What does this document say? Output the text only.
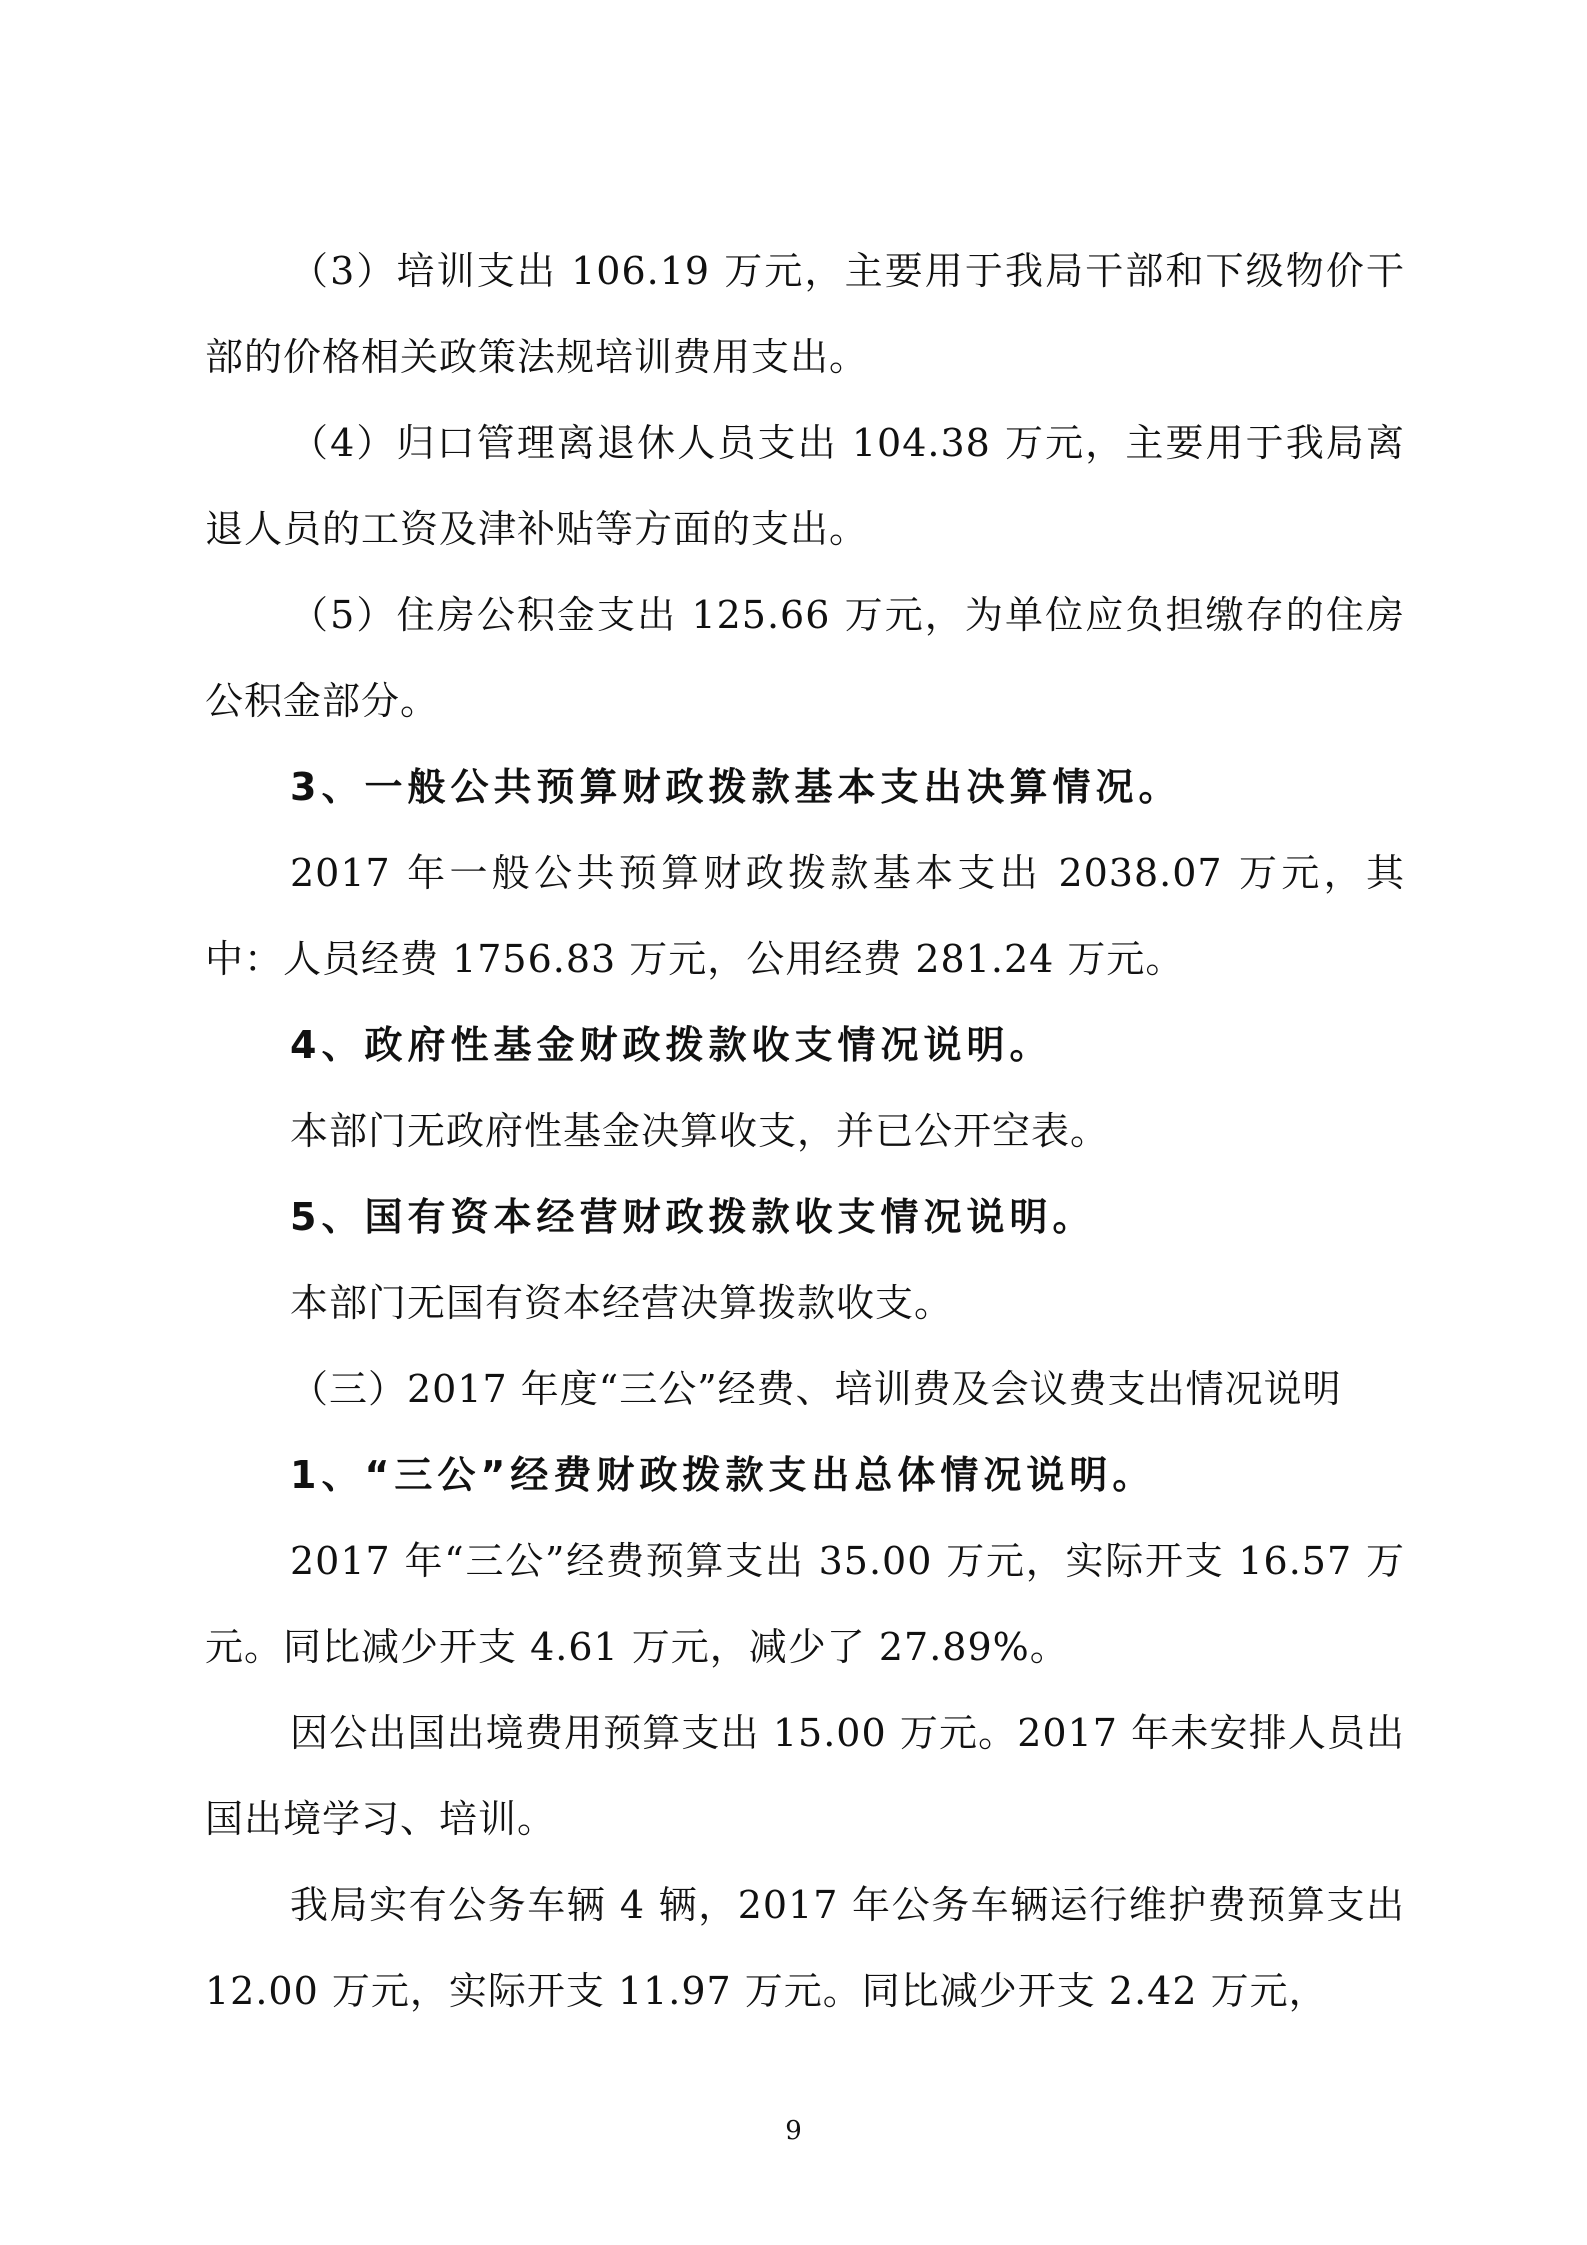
（3）培训支出 106.19 万元，主要用于我局干部和下级物价干部的价格相关政策法规培训费用支出。

（4）归口管理离退休人员支出 104.38 万元，主要用于我局离退人员的工资及津补贴等方面的支出。

（5）住房公积金支出 125.66 万元，为单位应负担缴存的住房公积金部分。

3、一般公共预算财政拨款基本支出决算情况。

2017 年一般公共预算财政拨款基本支出 2038.07 万元，其中：人员经费 1756.83 万元，公用经费 281.24 万元。

4、政府性基金财政拨款收支情况说明。

本部门无政府性基金决算收支，并已公开空表。

5、国有资本经营财政拨款收支情况说明。

本部门无国有资本经营决算拨款收支。

（三）2017 年度“三公”经费、培训费及会议费支出情况说明

1、“三公”经费财政拨款支出总体情况说明。

2017 年“三公”经费预算支出 35.00 万元，实际开支 16.57 万元。同比减少开支 4.61 万元，减少了 27.89%。

因公出国出境费用预算支出 15.00 万元。2017 年未安排人员出国出境学习、培训。

我局实有公务车辆 4 辆，2017 年公务车辆运行维护费预算支出 12.00 万元，实际开支 11.97 万元。同比减少开支 2.42 万元，

9
